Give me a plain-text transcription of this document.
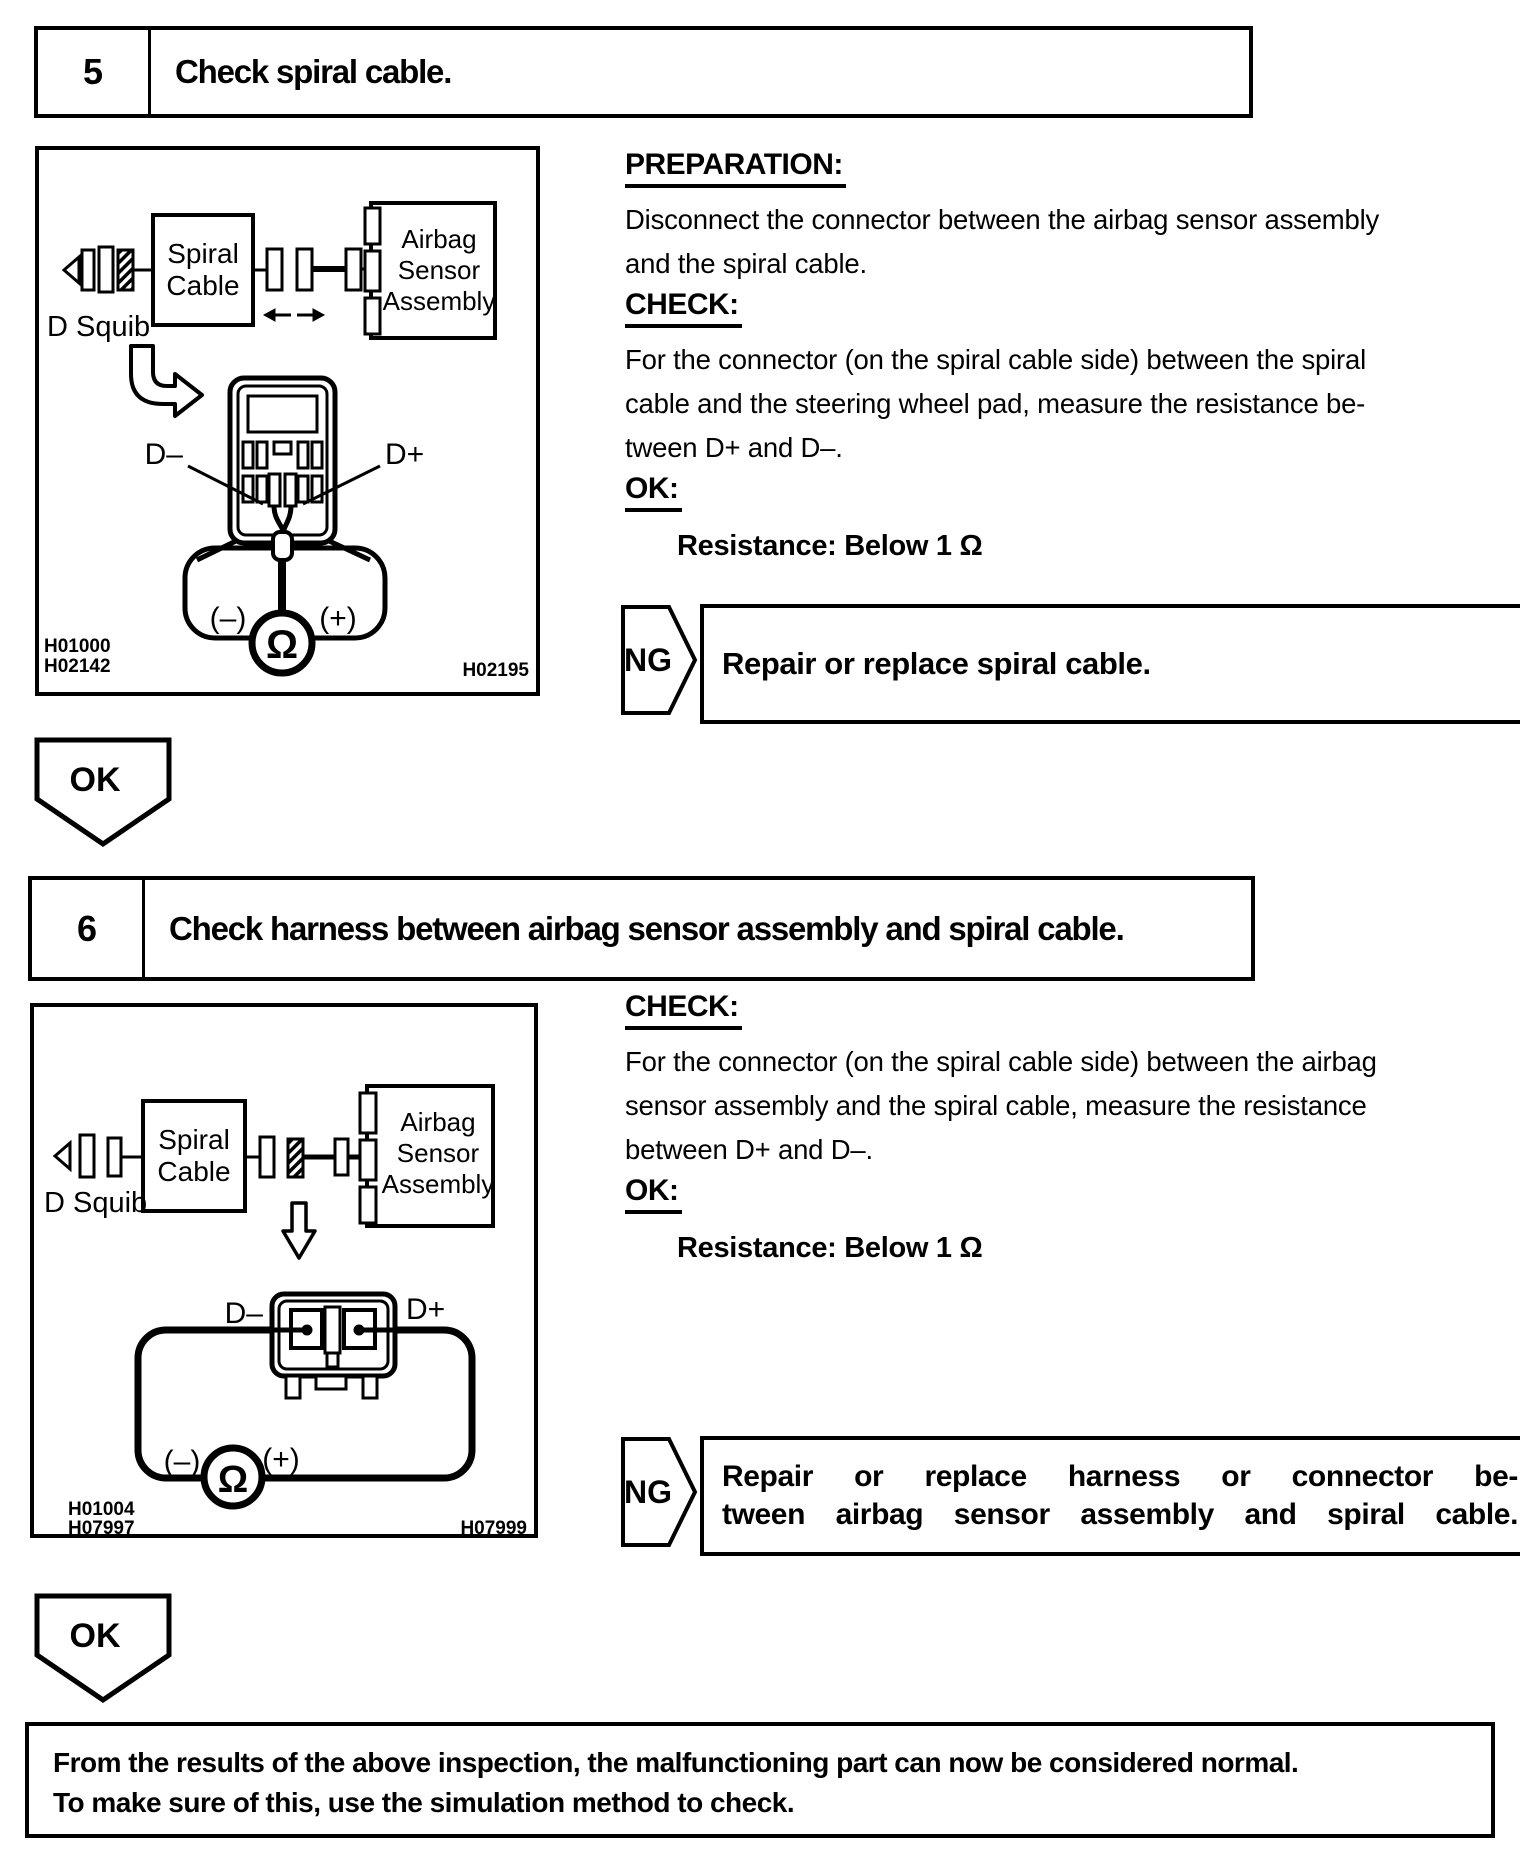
5	Check spiral cable.
Spiral
Cable
Airbag
Sensor
Assembly
D Squib
D–	D+
(–) (+)
Ω
H01000
H02142	H02195
PREPARATION:
Disconnect the connector between the airbag sensor assembly
and the spiral cable.
CHECK:
For the connector (on the spiral cable side) between the spiral
cable and the steering wheel pad, measure the resistance be-
tween D+ and D–.
OK:
Resistance: Below 1 Ω
NG Repair or replace spiral cable.
OK
6	Check harness between airbag sensor assembly and spiral cable.
Spiral
Cable
Airbag
Sensor
Assembly
D Squib
(–) (+)
Ω
D–	D+
H01004
H07997	H07999
CHECK:
For the connector (on the spiral cable side) between the airbag
sensor assembly and the spiral cable, measure the resistance
between D+ and D–.
OK:
Resistance: Below 1 Ω
NG Repair or replace harness or connector be-
tween airbag sensor assembly and spiral cable.
OK
From the results of the above inspection, the malfunctioning part can now be considered normal.
To make sure of this, use the simulation method to check.
